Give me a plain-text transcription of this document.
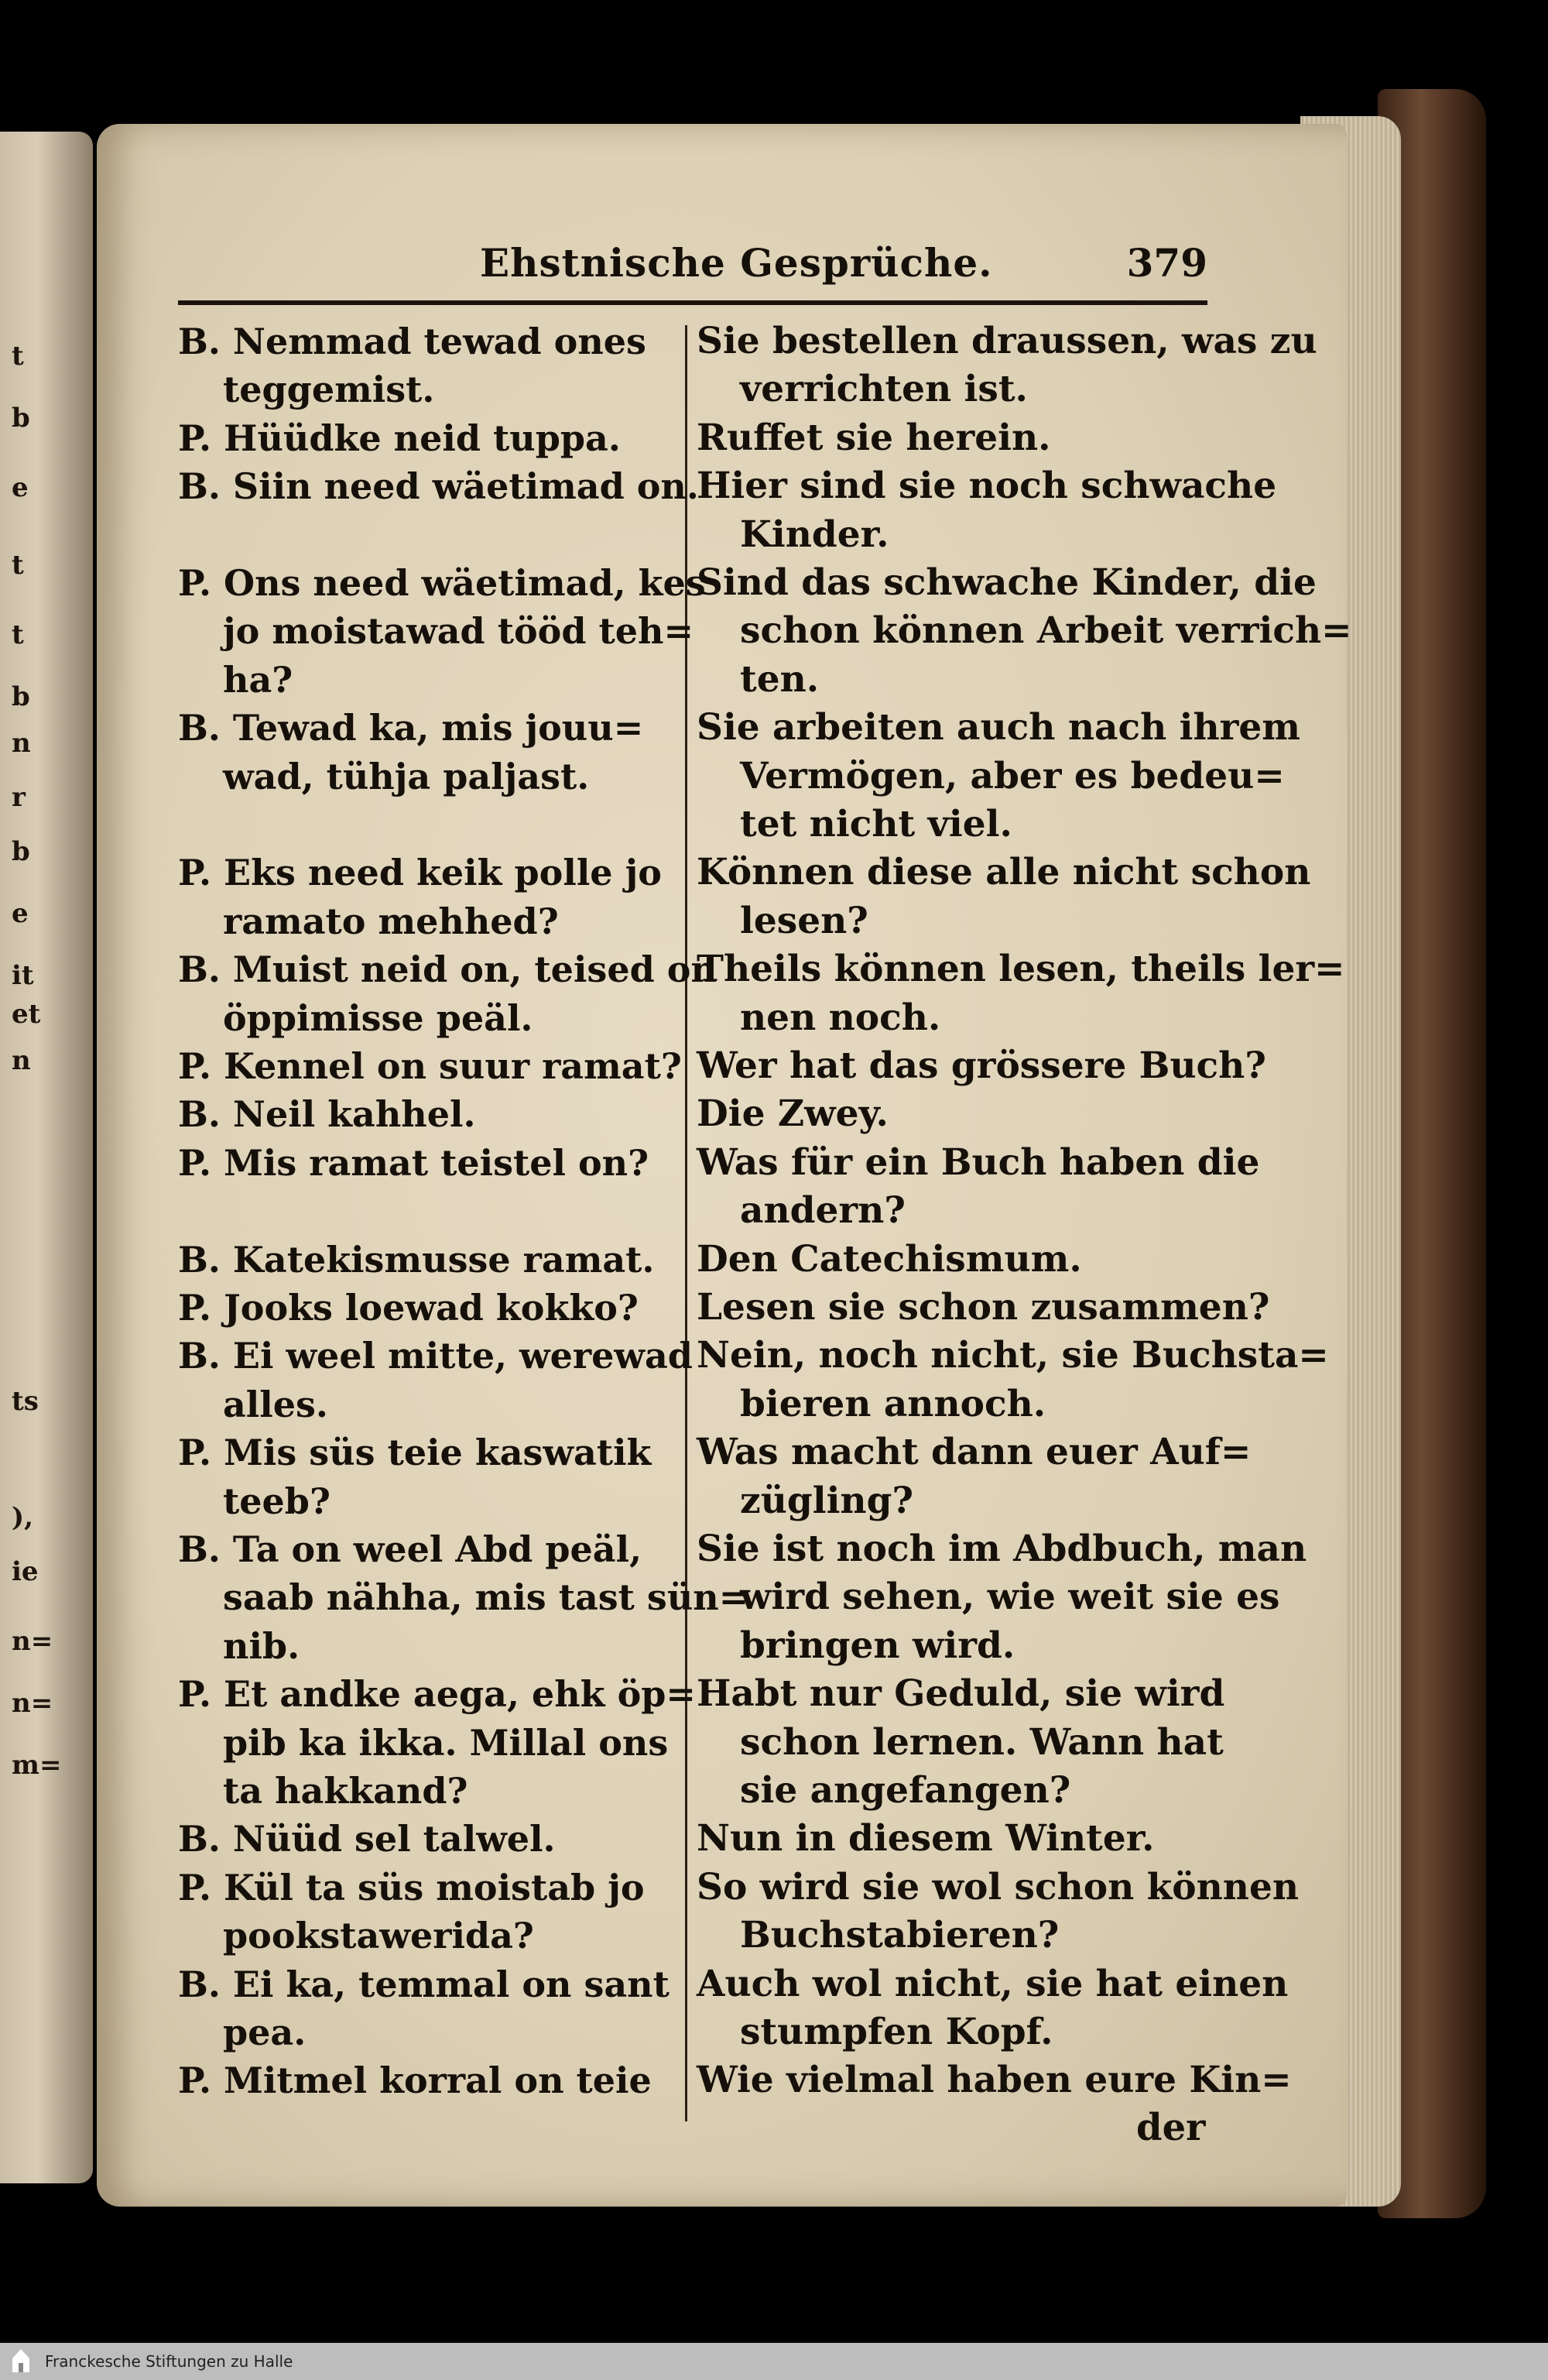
t
b
e
t
t
b
n
r
b
e
it
et
n
ts
),
ie
n=
n=
m=
Ehstnische Gesprüche.	379
B. Nemmad tewad ones
teggemist.
P. Hüüdke neid tuppa.
B. Siin need wäetimad on.
P. Ons need wäetimad, kes
jo moistawad tööd teh=
ha?
B. Tewad ka, mis jouu=
wad, tühja paljast.
P. Eks need keik polle jo
ramato mehhed?
B. Muist neid on, teised on
öppimisse peäl.
P. Kennel on suur ramat?
B. Neil kahhel.
P. Mis ramat teistel on?
B. Katekismusse ramat.
P. Jooks loewad kokko?
B. Ei weel mitte, werewad
alles.
P. Mis süs teie kaswatik
teeb?
B. Ta on weel Abd peäl,
saab nähha, mis tast sün=
nib.
P. Et andke aega, ehk öp=
pib ka ikka. Millal ons
ta hakkand?
B. Nüüd sel talwel.
P. Kül ta süs moistab jo
pookstawerida?
B. Ei ka, temmal on sant
pea.
P. Mitmel korral on teie
Sie bestellen draussen, was zu
verrichten ist.
Ruffet sie herein.
Hier sind sie noch schwache
Kinder.
Sind das schwache Kinder, die
schon können Arbeit verrich=
ten.
Sie arbeiten auch nach ihrem
Vermögen, aber es bedeu=
tet nicht viel.
Können diese alle nicht schon
lesen?
Theils können lesen, theils ler=
nen noch.
Wer hat das grössere Buch?
Die Zwey.
Was für ein Buch haben die
andern?
Den Catechismum.
Lesen sie schon zusammen?
Nein, noch nicht, sie Buchsta=
bieren annoch.
Was macht dann euer Auf=
zügling?
Sie ist noch im Abdbuch, man
wird sehen, wie weit sie es
bringen wird.
Habt nur Geduld, sie wird
schon lernen. Wann hat
sie angefangen?
Nun in diesem Winter.
So wird sie wol schon können
Buchstabieren?
Auch wol nicht, sie hat einen
stumpfen Kopf.
Wie vielmal haben eure Kin=
der
Franckesche Stiftungen zu Halle
